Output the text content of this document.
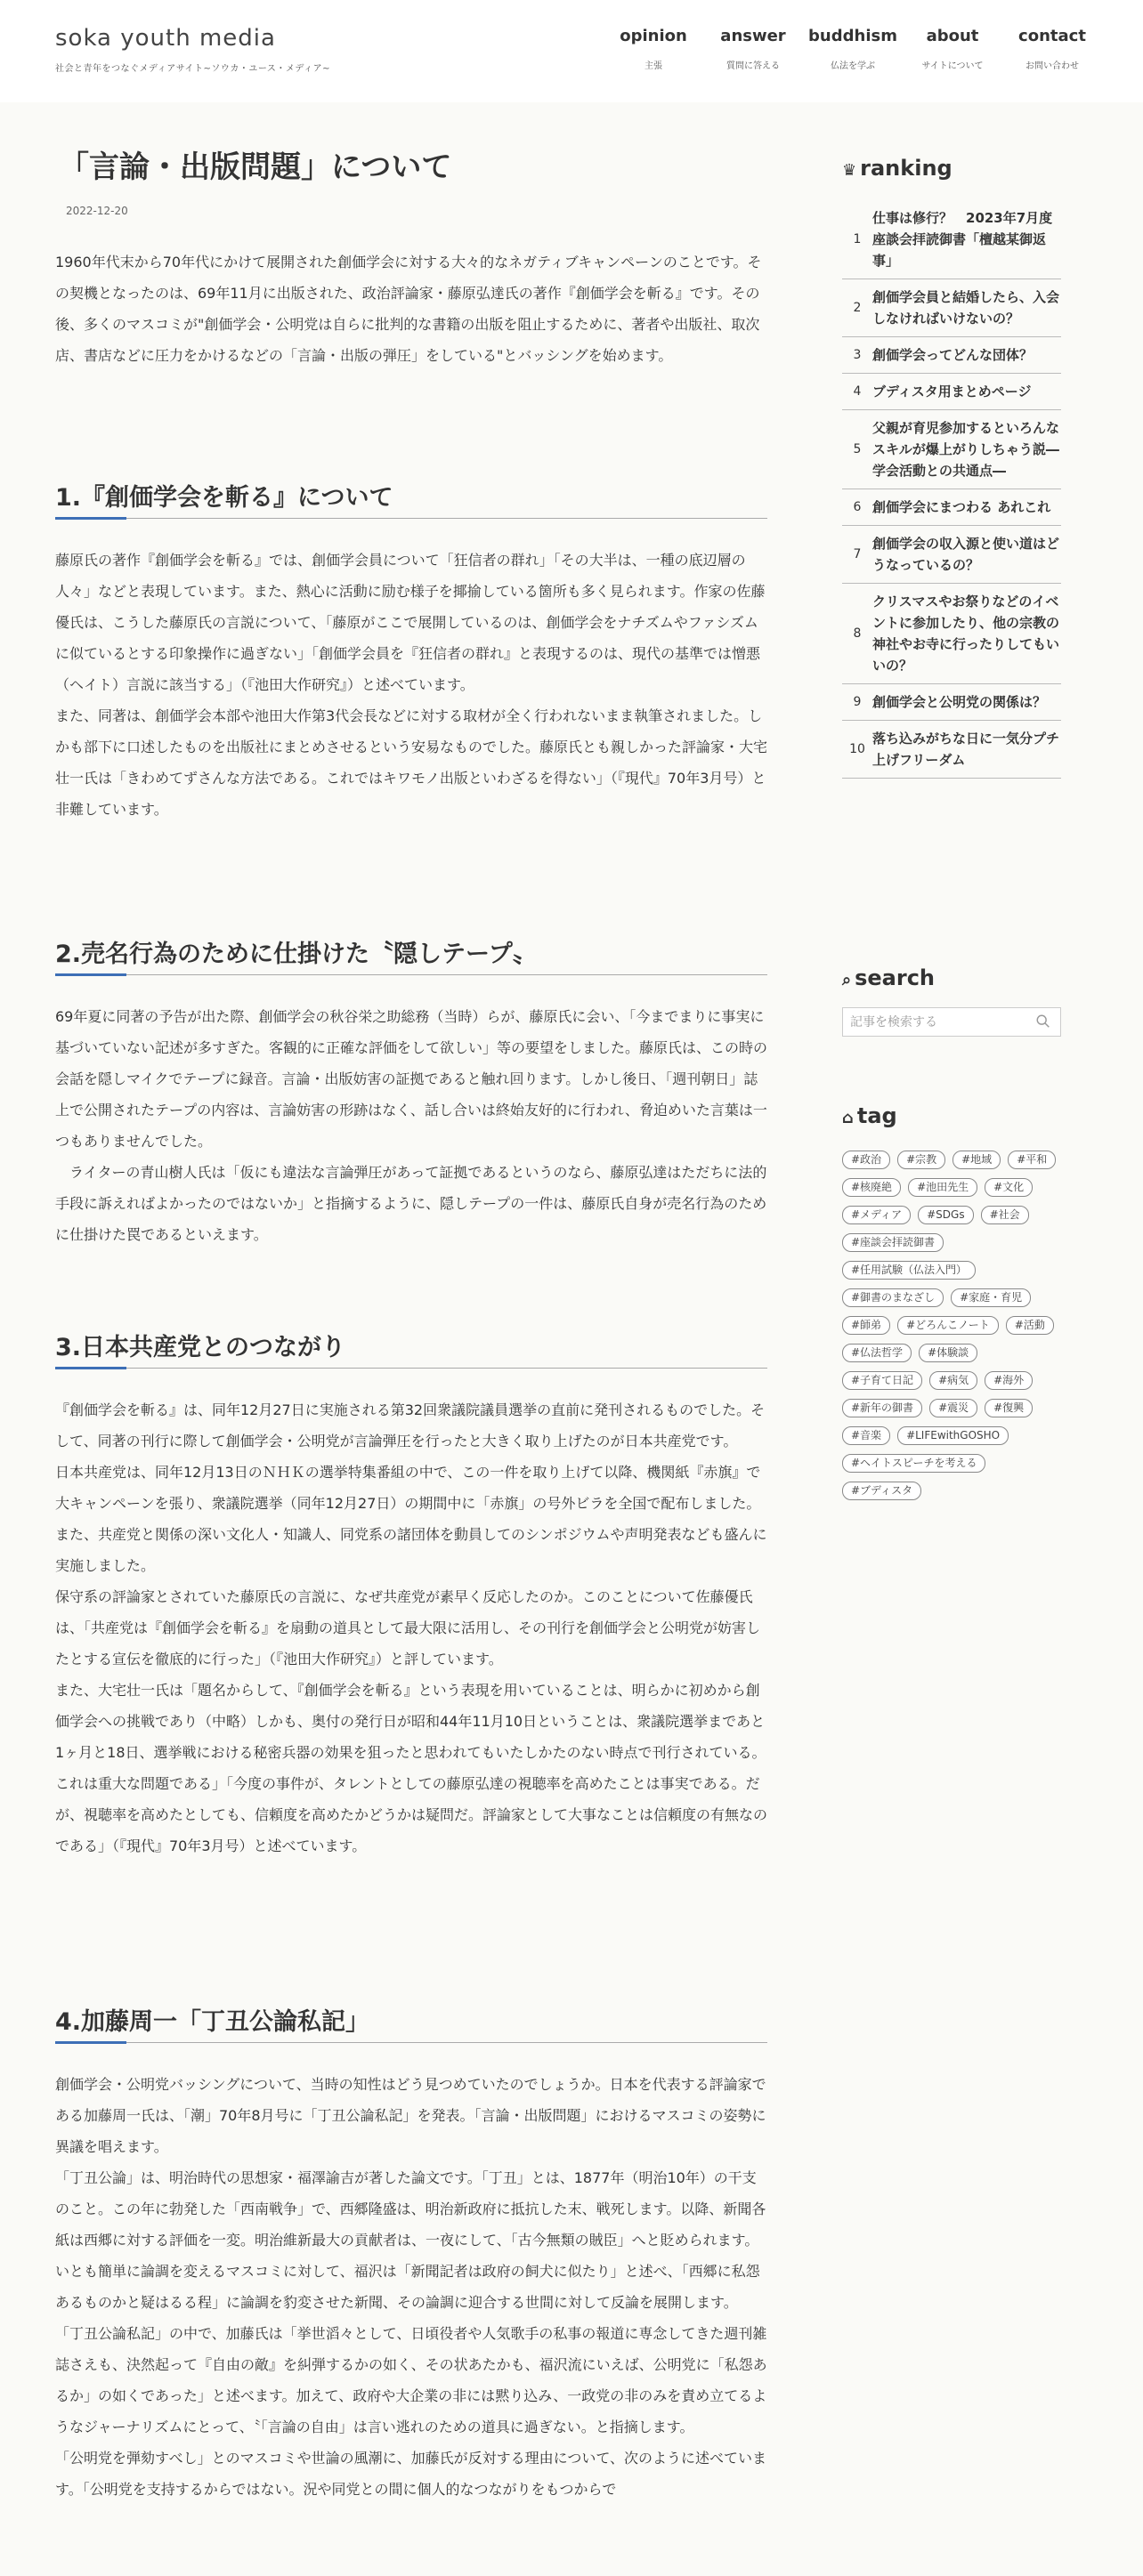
soka youth media
社会と青年をつなぐメディアサイト~ソウカ・ユース・メディア~
opinion
主張
answer
質問に答える
buddhism
仏法を学ぶ
about
サイトについて
contact
お問い合わせ
「言論・出版問題」について
2022-12-20
1960年代末から70年代にかけて展開された創価学会に対する大々的なネガティブキャンペーンのことです。その契機となったのは、69年11月に出版された、政治評論家・藤原弘達氏の著作『創価学会を斬る』です。その後、多くのマスコミが"創価学会・公明党は自らに批判的な書籍の出版を阻止するために、著者や出版社、取次店、書店などに圧力をかけるなどの「言論・出版の弾圧」をしている"とバッシングを始めます。
1.『創価学会を斬る』について
藤原氏の著作『創価学会を斬る』では、創価学会員について「狂信者の群れ」「その大半は、一種の底辺層の人々」などと表現しています。また、熱心に活動に励む様子を揶揄している箇所も多く見られます。作家の佐藤優氏は、こうした藤原氏の言説について、「藤原がここで展開しているのは、創価学会をナチズムやファシズムに似ているとする印象操作に過ぎない」「創価学会員を『狂信者の群れ』と表現するのは、現代の基準では憎悪（ヘイト）言説に該当する」（『池田大作研究』）と述べています。
また、同著は、創価学会本部や池田大作第3代会長などに対する取材が全く行われないまま執筆されました。しかも部下に口述したものを出版社にまとめさせるという安易なものでした。藤原氏とも親しかった評論家・大宅壮一氏は「きわめてずさんな方法である。これではキワモノ出版といわざるを得ない」（『現代』70年3月号）と非難しています。
2.売名行為のために仕掛けた〝隠しテープ〟
69年夏に同著の予告が出た際、創価学会の秋谷栄之助総務（当時）らが、藤原氏に会い、「今までまりに事実に基づいていない記述が多すぎた。客観的に正確な評価をして欲しい」等の要望をしました。藤原氏は、この時の会話を隠しマイクでテープに録音。言論・出版妨害の証拠であると触れ回ります。しかし後日、「週刊朝日」誌上で公開されたテープの内容は、言論妨害の形跡はなく、話し合いは終始友好的に行われ、脅迫めいた言葉は一つもありませんでした。
　ライターの青山樹人氏は「仮にも違法な言論弾圧があって証拠であるというのなら、藤原弘達はただちに法的手段に訴えればよかったのではないか」と指摘するように、隠しテープの一件は、藤原氏自身が売名行為のために仕掛けた罠であるといえます。
3.日本共産党とのつながり
『創価学会を斬る』は、同年12月27日に実施される第32回衆議院議員選挙の直前に発刊されるものでした。そして、同著の刊行に際して創価学会・公明党が言論弾圧を行ったと大きく取り上げたのが日本共産党です。
日本共産党は、同年12月13日のＮＨＫの選挙特集番組の中で、この一件を取り上げて以降、機関紙『赤旗』で大キャンペーンを張り、衆議院選挙（同年12月27日）の期間中に「赤旗」の号外ビラを全国で配布しました。また、共産党と関係の深い文化人・知識人、同党系の諸団体を動員してのシンポジウムや声明発表なども盛んに実施しました。
保守系の評論家とされていた藤原氏の言説に、なぜ共産党が素早く反応したのか。このことについて佐藤優氏は、「共産党は『創価学会を斬る』を扇動の道具として最大限に活用し、その刊行を創価学会と公明党が妨害したとする宣伝を徹底的に行った」（『池田大作研究』）と評しています。
また、大宅壮一氏は「題名からして、『創価学会を斬る』という表現を用いていることは、明らかに初めから創価学会への挑戦であり（中略）しかも、奥付の発行日が昭和44年11月10日ということは、衆議院選挙まであと1ヶ月と18日、選挙戦における秘密兵器の効果を狙ったと思われてもいたしかたのない時点で刊行されている。これは重大な問題である」「今度の事件が、タレントとしての藤原弘達の視聴率を高めたことは事実である。だが、視聴率を高めたとしても、信頼度を高めたかどうかは疑問だ。評論家として大事なことは信頼度の有無なのである」（『現代』70年3月号）と述べています。
4.加藤周一「丁丑公論私記」
創価学会・公明党バッシングについて、当時の知性はどう見つめていたのでしょうか。日本を代表する評論家である加藤周一氏は、「潮」70年8月号に「丁丑公論私記」を発表。「言論・出版問題」におけるマスコミの姿勢に異議を唱えます。
「丁丑公論」は、明治時代の思想家・福澤諭吉が著した論文です。「丁丑」とは、1877年（明治10年）の干支のこと。この年に勃発した「西南戦争」で、西郷隆盛は、明治新政府に抵抗した末、戦死します。以降、新聞各紙は西郷に対する評価を一変。明治維新最大の貢献者は、一夜にして、「古今無類の賊臣」へと貶められます。いとも簡単に論調を変えるマスコミに対して、福沢は「新聞記者は政府の飼犬に似たり」と述べ、「西郷に私怨あるものかと疑はるる程」に論調を豹変させた新聞、その論調に迎合する世間に対して反論を展開します。
「丁丑公論私記」の中で、加藤氏は「挙世滔々として、日頃役者や人気歌手の私事の報道に専念してきた週刊雑誌さえも、決然起って『自由の敵』を糾弾するかの如く、その状あたかも、福沢流にいえば、公明党に「私怨あるか」の如くであった」と述べます。加えて、政府や大企業の非には黙り込み、一政党の非のみを責め立てるようなジャーナリズムにとって、〝「言論の自由」は言い逃れのための道具に過ぎない。と指摘します。
「公明党を弾劾すべし」とのマスコミや世論の風潮に、加藤氏が反対する理由について、次のように述べています。「公明党を支持するからではない。況や同党との間に個人的なつながりをもつからで
♛ ranking
1
仕事は修行？　2023年7月度座談会拝読御書「檀越某御返事」
2
創価学会員と結婚したら、入会しなければいけないの？
3 創価学会ってどんな団体？
4 ブディスタ用まとめページ
5
父親が育児参加するといろんなスキルが爆上がりしちゃう説―学会活動との共通点―
6 創価学会にまつわる あれこれ
7
創価学会の収入源と使い道はどうなっているの？
8
クリスマスやお祭りなどのイベントに参加したり、他の宗教の神社やお寺に行ったりしてもいいの？
9 創価学会と公明党の関係は？
10
落ち込みがちな日に一気分プチ上げフリーダム
⌕ search
記事を検索する
⌂ tag
#政治	#宗教	#地域	#平和
#核廃絶	#池田先生	#文化
#メディア	#SDGs	#社会
#座談会拝読御書
#任用試験（仏法入門）
#御書のまなざし	#家庭・育児
#師弟	#どろんこノート	#活動
#仏法哲学	#体験談
#子育て日記	#病気	#海外
#新年の御書	#震災	#復興
#音楽	#LIFEwithGOSHO
#ヘイトスピーチを考える
#ブディスタ
